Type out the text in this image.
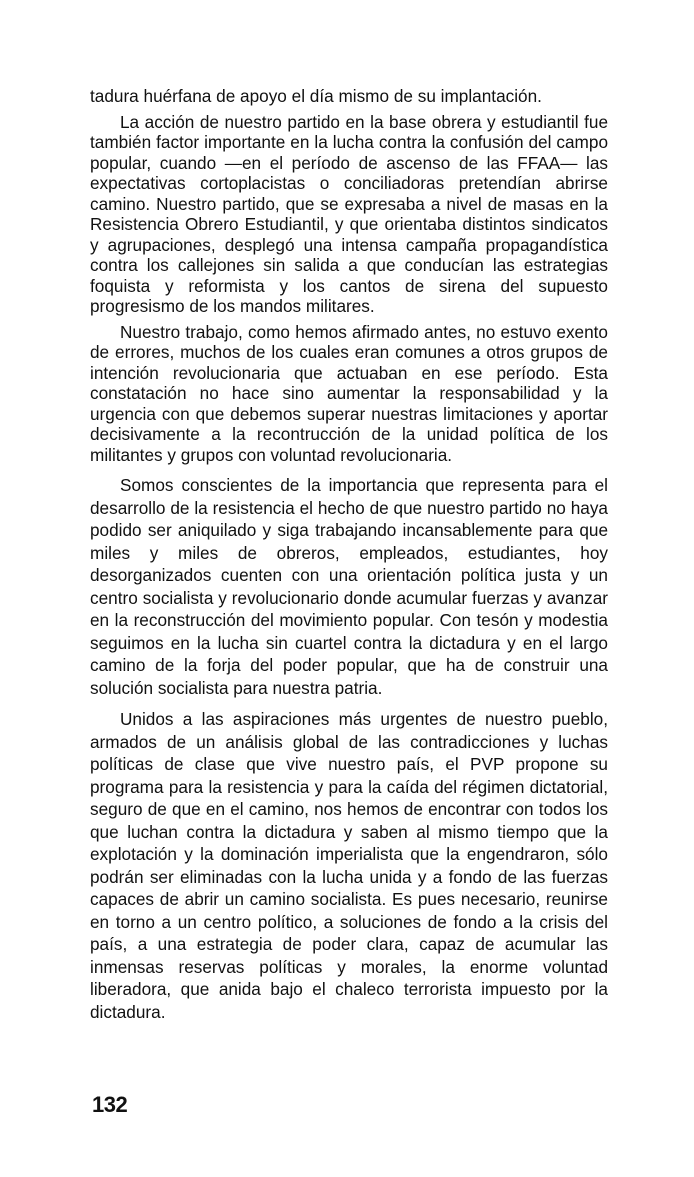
tadura huérfana de apoyo el día mismo de su implantación.

La acción de nuestro partido en la base obrera y estudiantil fue también factor importante en la lucha contra la confusión del campo popular, cuando —en el período de ascenso de las FFAA— las expectativas cortoplacistas o conciliadoras pretendían abrirse camino. Nuestro partido, que se expresaba a nivel de masas en la Resistencia Obrero Estudiantil, y que orientaba distintos sindicatos y agrupaciones, desplegó una intensa campaña propagandística contra los callejones sin salida a que conducían las estrategias foquista y reformista y los cantos de sirena del supuesto progresismo de los mandos militares.

Nuestro trabajo, como hemos afirmado antes, no estuvo exento de errores, muchos de los cuales eran comunes a otros grupos de intención revolucionaria que actuaban en ese período. Esta constatación no hace sino aumentar la responsabilidad y la urgencia con que debemos superar nuestras limitaciones y aportar decisivamente a la recontrucción de la unidad política de los militantes y grupos con voluntad revolucionaria.

Somos conscientes de la importancia que representa para el desarrollo de la resistencia el hecho de que nuestro partido no haya podido ser aniquilado y siga trabajando incansablemente para que miles y miles de obreros, empleados, estudiantes, hoy desorganizados cuenten con una orientación política justa y un centro socialista y revolucionario donde acumular fuerzas y avanzar en la reconstrucción del movimiento popular. Con tesón y modestia seguimos en la lucha sin cuartel contra la dictadura y en el largo camino de la forja del poder popular, que ha de construir una solución socialista para nuestra patria.

Unidos a las aspiraciones más urgentes de nuestro pueblo, armados de un análisis global de las contradicciones y luchas políticas de clase que vive nuestro país, el PVP propone su programa para la resistencia y para la caída del régimen dictatorial, seguro de que en el camino, nos hemos de encontrar con todos los que luchan contra la dictadura y saben al mismo tiempo que la explotación y la dominación imperialista que la engendraron, sólo podrán ser eliminadas con la lucha unida y a fondo de las fuerzas capaces de abrir un camino socialista. Es pues necesario, reunirse en torno a un centro político, a soluciones de fondo a la crisis del país, a una estrategia de poder clara, capaz de acumular las inmensas reservas políticas y morales, la enorme voluntad liberadora, que anida bajo el chaleco terrorista impuesto por la dictadura.

132
